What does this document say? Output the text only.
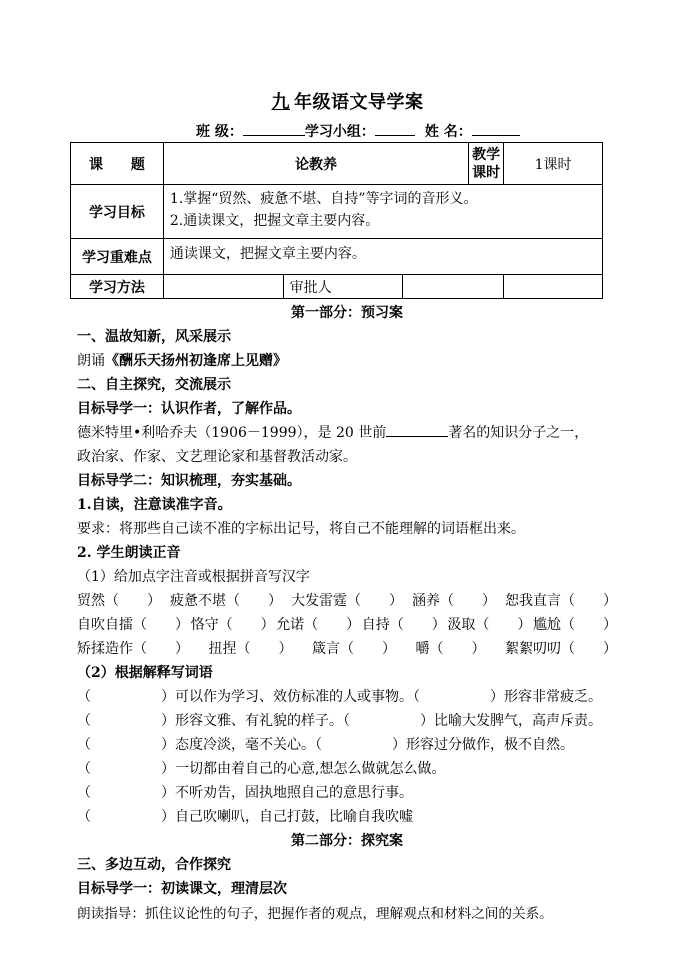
九 年级语文导学案
班 级：	学习小组：	姓 名：
课　　题	论教养			教学课时	1课时
学习目标	1.掌握“贸然、疲惫不堪、自持”等字词的音形义。
2.通读课文，把握文章主要内容。				

学习重难点	通读课文，把握文章主要内容。				
学习方法		审批人			
第一部分：预习案
一、温故知新，风采展示
朗诵《酬乐天扬州初逢席上见赠》
二、自主探究，交流展示
目标导学一：认识作者，了解作品。
德米特里•利哈乔夫（1906－1999），是 20 世前	著名的知识分子之一，
政治家、作家、文艺理论家和基督教活动家。
目标导学二：知识梳理，夯实基础。
1.自读，注意读准字音。
要求：将那些自己读不准的字标出记号，将自己不能理解的词语框出来。
2. 学生朗读正音
（1）给加点字注音或根据拼音写汉字
贸然（　　） 疲惫不堪（　　） 大发雷霆（　　） 涵养（　　） 恕我直言（　　）
自吹自擂（　　） 恪守（　　） 允诺（　　） 自持（　　） 汲取（　　） 尴尬（　　）
矫揉造作（　　） 扭捏（　　） 箴言（　　） 嚼（　　） 絮絮叨叨（　　）
（2）根据解释写词语
（　　　　　）可以作为学习、效仿标准的人或事物。（　　　　　）形容非常疲乏。
（　　　　　）形容文雅、有礼貌的样子。（　　　　　）比喻大发脾气，高声斥责。
（　　　　　）态度冷淡，毫不关心。（　　　　　）形容过分做作，极不自然。
（　　　　　）一切都由着自己的心意,想怎么做就怎么做。
（　　　　　）不听劝告，固执地照自己的意思行事。
（　　　　　）自己吹喇叭，自己打鼓，比喻自我吹嘘
第二部分：探究案
三、多边互动，合作探究
目标导学一：初读课文，理清层次
朗读指导：抓住议论性的句子，把握作者的观点，理解观点和材料之间的关系。
